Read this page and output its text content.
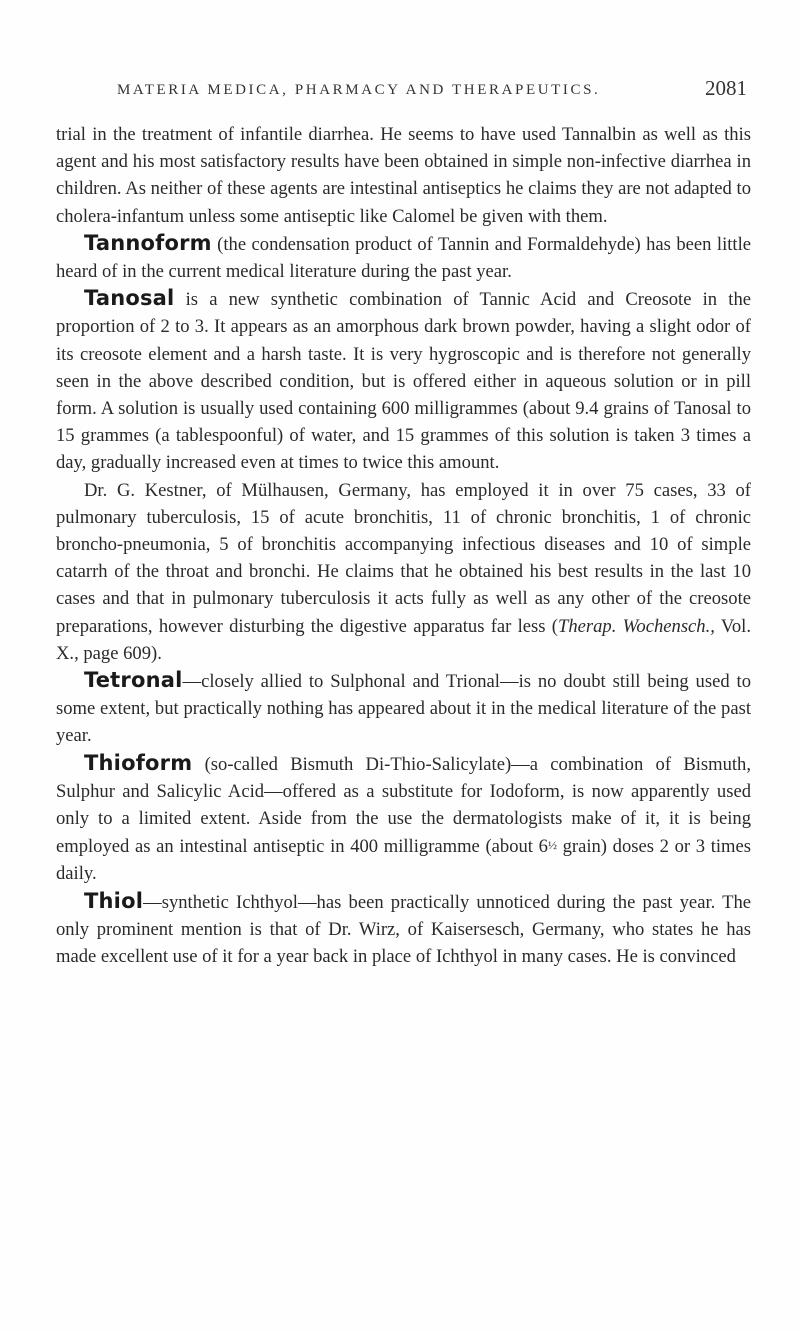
MATERIA MEDICA, PHARMACY AND THERAPEUTICS.	2081

trial in the treatment of infantile diarrhea. He seems to have used Tannalbin as well as this agent and his most satisfactory results have been obtained in simple non-infective diarrhea in children. As neither of these agents are intestinal antiseptics he claims they are not adapted to cholera-infantum unless some antiseptic like Calomel be given with them.

Tannoform (the condensation product of Tannin and Formaldehyde) has been little heard of in the current medical literature during the past year.

Tanosal is a new synthetic combination of Tannic Acid and Creosote in the proportion of 2 to 3. It appears as an amorphous dark brown powder, having a slight odor of its creosote element and a harsh taste. It is very hygroscopic and is therefore not generally seen in the above described condition, but is offered either in aqueous solution or in pill form. A solution is usually used containing 600 milligrammes (about 9.4 grains of Tanosal to 15 grammes (a tablespoonful) of water, and 15 grammes of this solution is taken 3 times a day, gradually increased even at times to twice this amount.

Dr. G. Kestner, of Mülhausen, Germany, has employed it in over 75 cases, 33 of pulmonary tuberculosis, 15 of acute bronchitis, 11 of chronic bronchitis, 1 of chronic broncho-pneumonia, 5 of bronchitis accompanying infectious diseases and 10 of simple catarrh of the throat and bronchi. He claims that he obtained his best results in the last 10 cases and that in pulmonary tuberculosis it acts fully as well as any other of the creosote preparations, however disturbing the digestive apparatus far less (Therap. Wochensch., Vol. X., page 609).

Tetronal—closely allied to Sulphonal and Trional—is no doubt still being used to some extent, but practically nothing has appeared about it in the medical literature of the past year.

Thioform (so-called Bismuth Di-Thio-Salicylate)—a combination of Bismuth, Sulphur and Salicylic Acid—offered as a substitute for Iodoform, is now apparently used only to a limited extent. Aside from the use the dermatologists make of it, it is being employed as an intestinal antiseptic in 400 milligramme (about 6½ grain) doses 2 or 3 times daily.

Thiol—synthetic Ichthyol—has been practically unnoticed during the past year. The only prominent mention is that of Dr. Wirz, of Kaisersesch, Germany, who states he has made excellent use of it for a year back in place of Ichthyol in many cases. He is convinced
